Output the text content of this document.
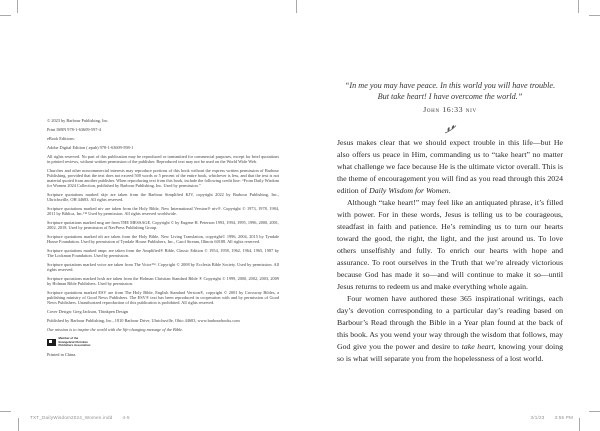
© 2023 by Barbour Publishing, Inc.

Print ISBN 978-1-63609-597-4

eBook Editions:

Adobe Digital Edition (.epub) 978-1-63609-598-1

All rights reserved. No part of this publication may be reproduced or transmitted for commercial purposes, except for brief quotations in printed reviews, without written permission of the publisher. Reproduced text may not be used on the World Wide Web.

Churches and other noncommercial interests may reproduce portions of this book without the express written permission of Barbour Publishing, provided that the text does not exceed 500 words or 5 percent of the entire book, whichever is less, and that the text is not material quoted from another publisher. When reproducing text from this book, include the following credit line: “From Daily Wisdom for Women 2024 Collection, published by Barbour Publishing, Inc. Used by permission.”

Scripture quotations marked skjv are taken from the Barbour Simplified KJV, copyright 2022 by Barbour Publishing, Inc., Uhrichsville, OH 44683. All rights reserved.

Scripture quotations marked niv are taken from the Holy Bible, New International Version® niv®. Copyright © 1973, 1978, 1984, 2011 by Biblica, Inc.™ Used by permission. All rights reserved worldwide.

Scripture quotations marked msg are from THE MESSAGE. Copyright © by Eugene H. Peterson 1993, 1994, 1995, 1996, 2000, 2001, 2002, 2018. Used by permission of NavPress Publishing Group.

Scripture quotations marked nlt are taken from the Holy Bible, New Living Translation, copyright© 1996, 2004, 2015 by Tyndale House Foundation. Used by permission of Tyndale House Publishers, Inc., Carol Stream, Illinois 60188. All rights reserved.

Scripture quotations marked ampc are taken from the Amplified® Bible, Classic Edition © 1954, 1958, 1962, 1964, 1965, 1987 by The Lockman Foundation. Used by permission.

Scripture quotations marked voice are taken from The Voice™. Copyright © 2008 by Ecclesia Bible Society. Used by permission. All rights reserved.

Scripture quotations marked hcsb are taken from the Holman Christian Standard Bible ® Copyright © 1999, 2000, 2002, 2003, 2009 by Holman Bible Publishers. Used by permission.

Scripture quotations marked ESV are from The Holy Bible, English Standard Version®, copyright © 2001 by Crossway Bibles, a publishing ministry of Good News Publishers. The ESV® text has been reproduced in cooperation with and by permission of Good News Publishers. Unauthorized reproduction of this publication is prohibited. All rights reserved.

Cover Design: Greg Jackson, Thinkpen Design

Published by Barbour Publishing, Inc., 1810 Barbour Drive, Uhrichsville, Ohio 44683, www.barbourbooks.com

Our mission is to inspire the world with the life-changing message of the Bible.

Member of the
Evangelical Christian
Publishers Association

Printed in China.

“In me you may have peace. In this world you will have trouble.
But take heart! I have overcome the world.”
John 16:33 niv

Jesus makes clear that we should expect trouble in this life—but He also offers us peace in Him, commanding us to “take heart” no matter what challenge we face because He is the ultimate victor overall. This is the theme of encouragement you will find as you read through this 2024 edition of Daily Wisdom for Women.

Although “take heart!” may feel like an antiquated phrase, it’s filled with power. For in these words, Jesus is telling us to be courageous, steadfast in faith and patience. He’s reminding us to turn our hearts toward the good, the right, the light, and the just around us. To love others unselfishly and fully. To enrich our hearts with hope and assurance. To root ourselves in the Truth that we’re already victorious because God has made it so—and will continue to make it so—until Jesus returns to redeem us and make everything whole again.

Four women have authored these 365 inspirational writings, each day’s devotion corresponding to a particular day’s reading based on Barbour’s Read through the Bible in a Year plan found at the back of this book. As you wend your way through the wisdom that follows, may God give you the power and desire to take heart, knowing your doing so is what will separate you from the hopelessness of a lost world.

TXT_DailyWisdom2024_Women.indd 4-5	3/1/23 3:55 PM
